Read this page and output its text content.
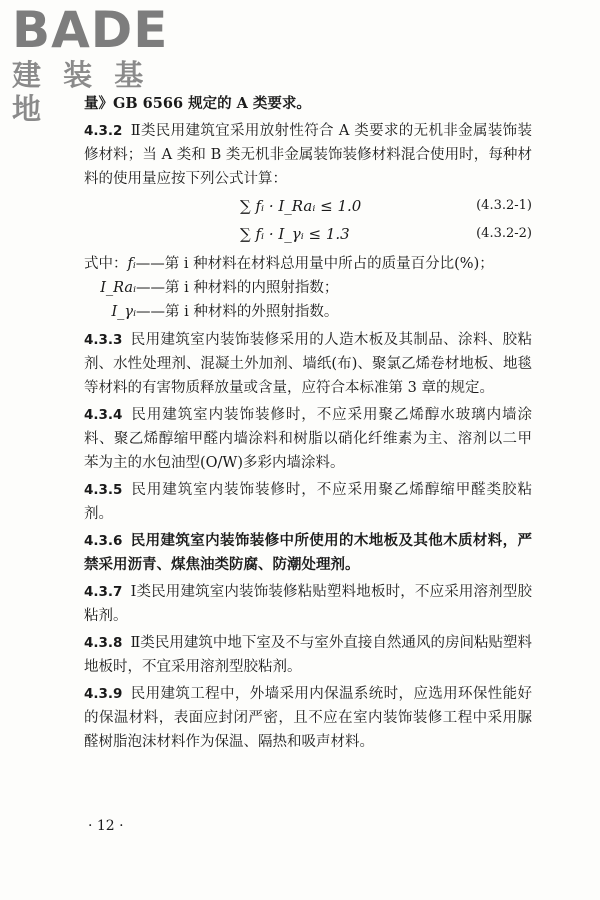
BADE
建 装 基 地	量》GB 6566 规定的 A 类要求。

4.3.2 Ⅱ类民用建筑宜采用放射性符合 A 类要求的无机非金属装饰装修材料；当 A 类和 B 类无机非金属装饰装修材料混合使用时，每种材料的使用量应按下列公式计算：

∑ fᵢ · I_Raᵢ ≤ 1.0	(4.3.2-1)
∑ fᵢ · I_γᵢ ≤ 1.3	(4.3.2-2)
式中：fᵢ——第 i 种材料在材料总用量中所占的质量百分比(%)；
I_Raᵢ——第 i 种材料的内照射指数；
I_γᵢ——第 i 种材料的外照射指数。

4.3.3 民用建筑室内装饰装修采用的人造木板及其制品、涂料、胶粘剂、水性处理剂、混凝土外加剂、墙纸(布)、聚氯乙烯卷材地板、地毯等材料的有害物质释放量或含量，应符合本标准第 3 章的规定。

4.3.4 民用建筑室内装饰装修时，不应采用聚乙烯醇水玻璃内墙涂料、聚乙烯醇缩甲醛内墙涂料和树脂以硝化纤维素为主、溶剂以二甲苯为主的水包油型(O/W)多彩内墙涂料。

4.3.5 民用建筑室内装饰装修时，不应采用聚乙烯醇缩甲醛类胶粘剂。

4.3.6 民用建筑室内装饰装修中所使用的木地板及其他木质材料，严禁采用沥青、煤焦油类防腐、防潮处理剂。

4.3.7 Ⅰ类民用建筑室内装饰装修粘贴塑料地板时，不应采用溶剂型胶粘剂。

4.3.8 Ⅱ类民用建筑中地下室及不与室外直接自然通风的房间粘贴塑料地板时，不宜采用溶剂型胶粘剂。

4.3.9 民用建筑工程中，外墙采用内保温系统时，应选用环保性能好的保温材料，表面应封闭严密，且不应在室内装饰装修工程中采用脲醛树脂泡沫材料作为保温、隔热和吸声材料。

· 12 ·
